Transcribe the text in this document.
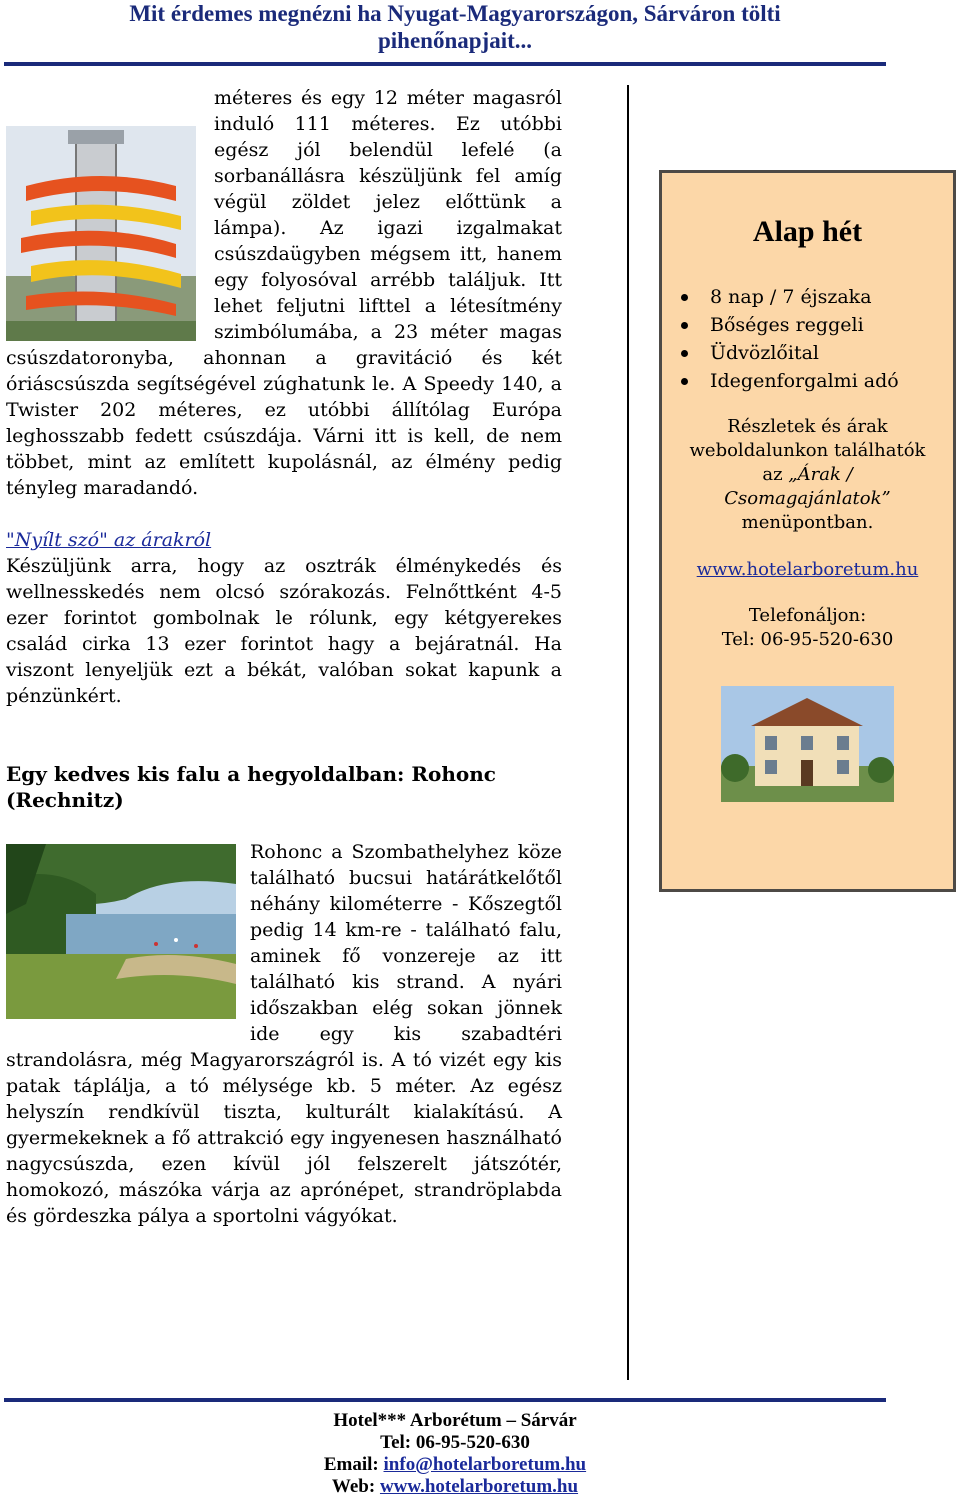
Mit érdemes megnézni ha Nyugat-Magyarországon, Sárváron tölti
pihenőnapjait...

méteres és egy 12 méter magasról induló 111 méteres. Ez utóbbi egész jól belendül lefelé (a sorbanállásra készüljünk fel amíg végül zöldet jelez előttünk a lámpa). Az igazi izgalmakat csúszdaügyben mégsem itt, hanem egy folyosóval arrébb találjuk. Itt lehet feljutni lifttel a létesítmény szimbólumába, a 23 méter magas csúszdatoronyba, ahonnan a gravitáció és két óriáscsúszda segítségével zúghatunk le. A Speedy 140, a Twister 202 méteres, ez utóbbi állítólag Európa leghosszabb fedett csúszdája. Várni itt is kell, de nem többet, mint az említett kupolásnál, az élmény pedig tényleg maradandó.

"Nyílt szó" az árakról

Készüljünk arra, hogy az osztrák élménykedés és wellnesskedés nem olcsó szórakozás. Felnőttként 4-5 ezer forintot gombolnak le rólunk, egy kétgyerekes család cirka 13 ezer forintot hagy a bejáratnál. Ha viszont lenyeljük ezt a békát, valóban sokat kapunk a pénzünkért.

Egy kedves kis falu a hegyoldalban: Rohonc (Rechnitz)

Rohonc a Szombathelyhez köze található bucsui határátkelőtől néhány kilométerre - Kőszegtől pedig 14 km-re - található falu, aminek fő vonzereje az itt található kis strand. A nyári időszakban elég sokan jönnek ide egy kis szabadtéri strandolásra, még Magyarországról is. A tó vizét egy kis patak táplálja, a tó mélysége kb. 5 méter. Az egész helyszín rendkívül tiszta, kulturált kialakítású. A gyermekeknek a fő attrakció egy ingyenesen használható nagycsúszda, ezen kívül jól felszerelt játszótér, homokozó, mászóka várja az aprónépet, strandröplabda és gördeszka pálya a sportolni vágyókat.

Alap hét
8 nap / 7 éjszaka
Bőséges reggeli
Üdvözlőital
Idegenforgalmi adó
Részletek és árak
weboldalunkon találhatók
az „Árak /
Csomagajánlatok”
menüpontban.
www.hotelarboretum.hu
Telefonáljon:
Tel: 06-95-520-630
Hotel*** Arborétum – Sárvár
Tel: 06-95-520-630
Email: info@hotelarboretum.hu
Web: www.hotelarboretum.hu
